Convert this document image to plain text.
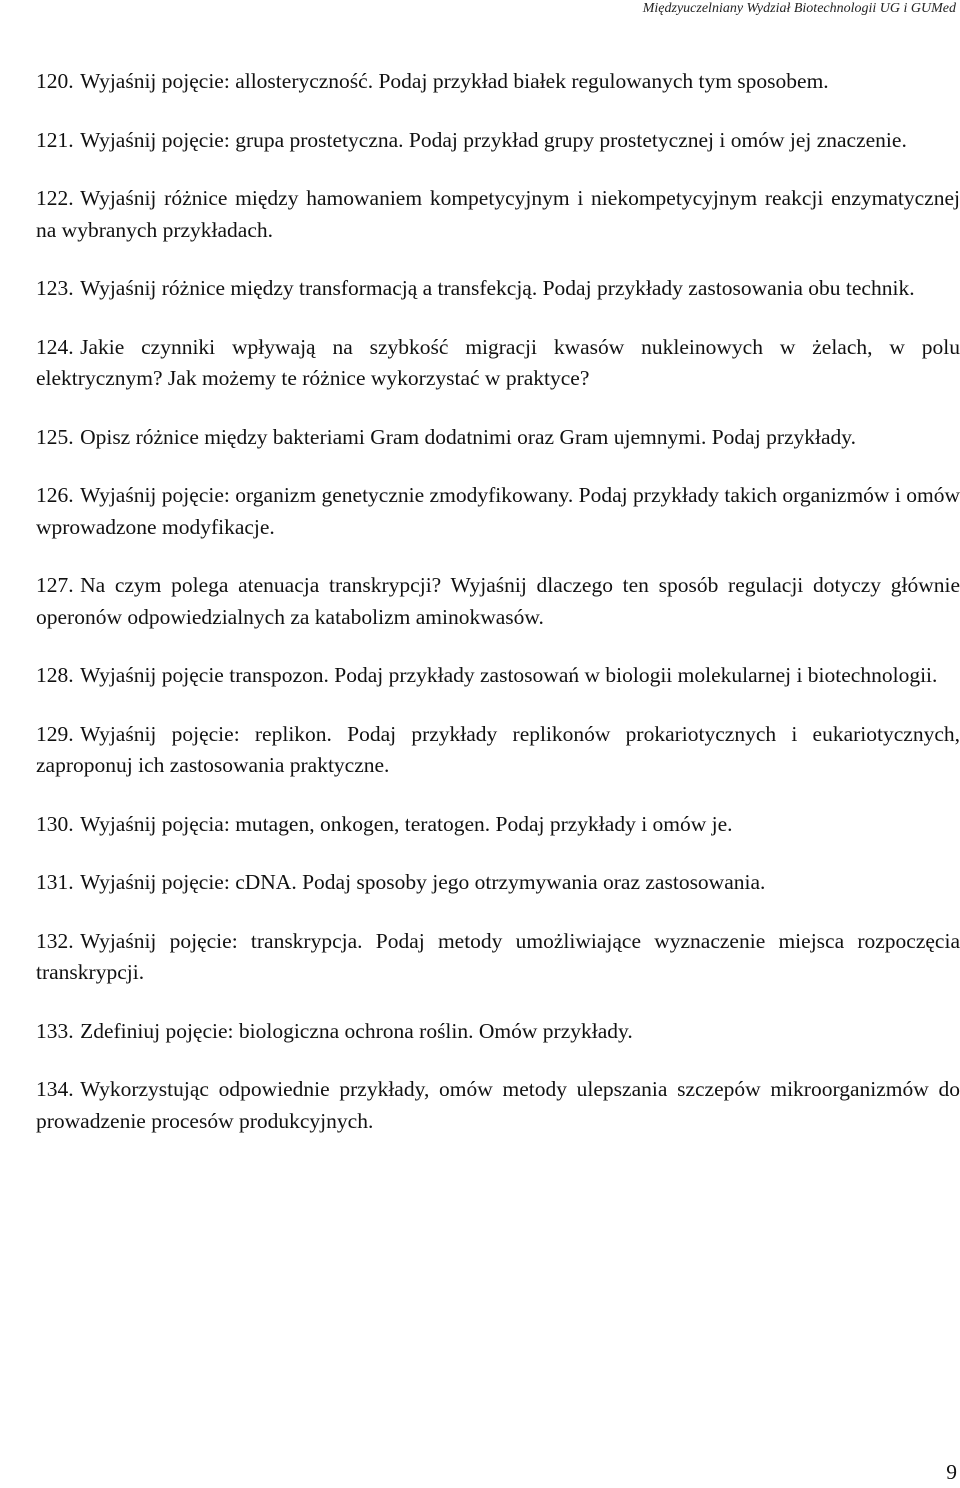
Międzyuczelniany Wydział Biotechnologii UG i GUMed
120. Wyjaśnij pojęcie: allosteryczność. Podaj przykład białek regulowanych tym sposobem.
121. Wyjaśnij pojęcie: grupa prostetyczna. Podaj przykład grupy prostetycznej i omów jej znaczenie.
122. Wyjaśnij różnice między hamowaniem kompetycyjnym i niekompetycyjnym reakcji enzymatycznej na wybranych przykładach.
123. Wyjaśnij różnice między transformacją a transfekcją. Podaj przykłady zastosowania obu technik.
124. Jakie czynniki wpływają na szybkość migracji kwasów nukleinowych w żelach, w polu elektrycznym? Jak możemy te różnice wykorzystać w praktyce?
125. Opisz różnice między bakteriami Gram dodatnimi oraz Gram ujemnymi. Podaj przykłady.
126. Wyjaśnij pojęcie: organizm genetycznie zmodyfikowany. Podaj przykłady takich organizmów i omów wprowadzone modyfikacje.
127. Na czym polega atenuacja transkrypcji? Wyjaśnij dlaczego ten sposób regulacji dotyczy głównie operonów odpowiedzialnych za katabolizm aminokwasów.
128. Wyjaśnij pojęcie transpozon. Podaj przykłady zastosowań w biologii molekularnej i biotechnologii.
129. Wyjaśnij pojęcie: replikon. Podaj przykłady replikonów prokariotycznych i eukariotycznych, zaproponuj ich zastosowania praktyczne.
130. Wyjaśnij pojęcia: mutagen, onkogen, teratogen. Podaj przykłady i omów je.
131. Wyjaśnij pojęcie: cDNA. Podaj sposoby jego otrzymywania oraz zastosowania.
132. Wyjaśnij pojęcie: transkrypcja. Podaj metody umożliwiające wyznaczenie miejsca rozpoczęcia transkrypcji.
133. Zdefiniuj pojęcie: biologiczna ochrona roślin. Omów przykłady.
134. Wykorzystując odpowiednie przykłady, omów metody ulepszania szczepów mikroorganizmów do prowadzenie procesów produkcyjnych.
9
